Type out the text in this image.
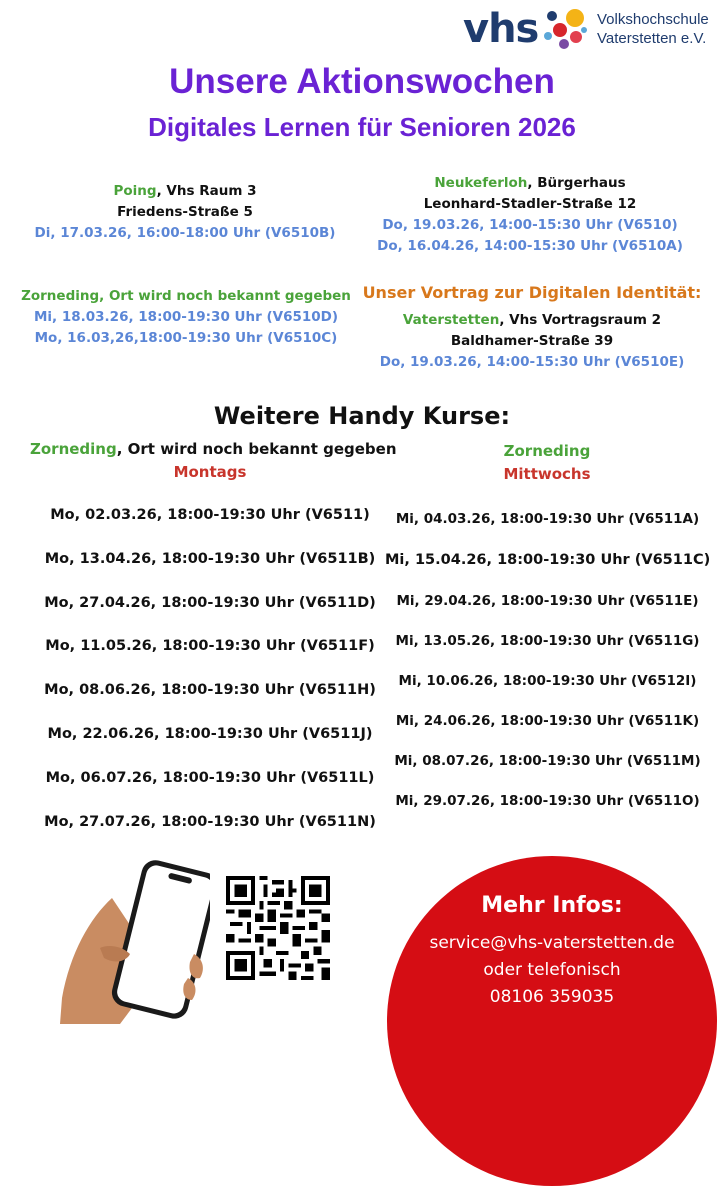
vhs	Volkshochschule
Vaterstetten e.V.
Unsere Aktionswochen
Digitales Lernen für Senioren 2026
Poing, Vhs Raum 3
Friedens-Straße 5
Di, 17.03.26, 16:00-18:00 Uhr (V6510B)
Neukeferloh, Bürgerhaus
Leonhard-Stadler-Straße 12
Do, 19.03.26, 14:00-15:30 Uhr (V6510)
Do, 16.04.26, 14:00-15:30 Uhr (V6510A)
Zorneding, Ort wird noch bekannt gegeben
Mi, 18.03.26, 18:00-19:30 Uhr (V6510D)
Mo, 16.03,26,18:00-19:30 Uhr (V6510C)
Unser Vortrag zur Digitalen Identität:
Vaterstetten, Vhs Vortragsraum 2
Baldhamer-Straße 39
Do, 19.03.26, 14:00-15:30 Uhr (V6510E)
Weitere Handy Kurse:
Zorneding, Ort wird noch bekannt gegeben
Montags
Zorneding
Mittwochs
Mo, 02.03.26, 18:00-19:30 Uhr (V6511)
Mo, 13.04.26, 18:00-19:30 Uhr (V6511B)
Mo, 27.04.26, 18:00-19:30 Uhr (V6511D)
Mo, 11.05.26, 18:00-19:30 Uhr (V6511F)
Mo, 08.06.26, 18:00-19:30 Uhr (V6511H)
Mo, 22.06.26, 18:00-19:30 Uhr (V6511J)
Mo, 06.07.26, 18:00-19:30 Uhr (V6511L)
Mo, 27.07.26, 18:00-19:30 Uhr (V6511N)
Mi, 04.03.26, 18:00-19:30 Uhr (V6511A)
Mi, 15.04.26, 18:00-19:30 Uhr (V6511C)
Mi, 29.04.26, 18:00-19:30 Uhr (V6511E)
Mi, 13.05.26, 18:00-19:30 Uhr (V6511G)
Mi, 10.06.26, 18:00-19:30 Uhr (V6512I)
Mi, 24.06.26, 18:00-19:30 Uhr (V6511K)
Mi, 08.07.26, 18:00-19:30 Uhr (V6511M)
Mi, 29.07.26, 18:00-19:30 Uhr (V6511O)
Mehr Infos:
service@vhs-vaterstetten.de
oder telefonisch
08106 359035
